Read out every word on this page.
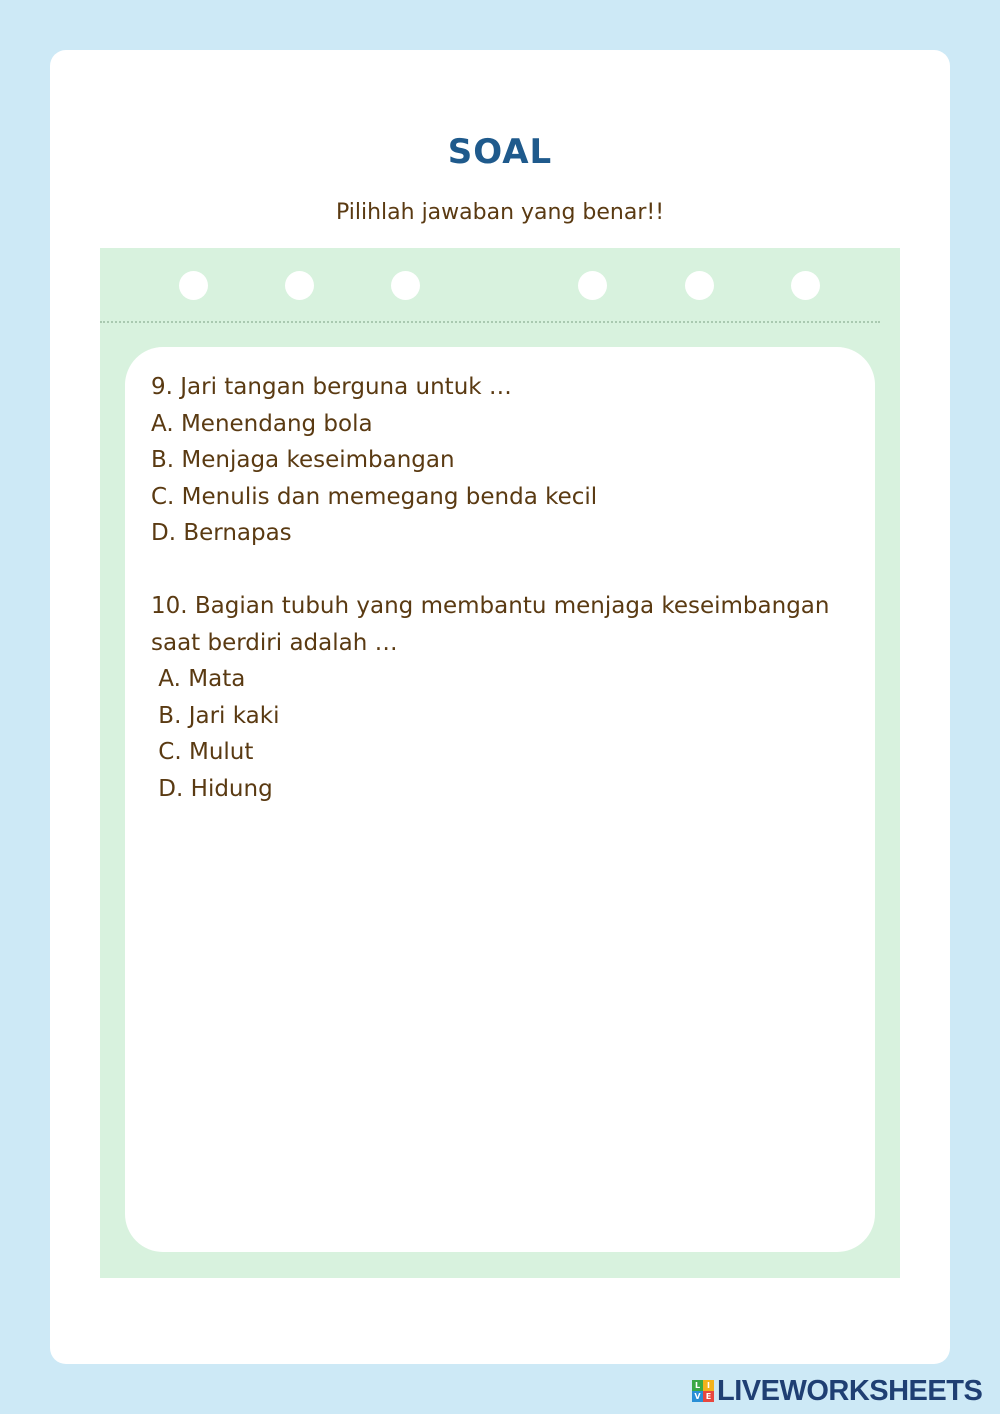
SOAL
Pilihlah jawaban yang benar!!
9. Jari tangan berguna untuk …
A. Menendang bola
B. Menjaga keseimbangan
C. Menulis dan memegang benda kecil
D. Bernapas
10. Bagian tubuh yang membantu menjaga keseimbangan saat berdiri adalah …
A. Mata
B. Jari kaki
C. Mulut
D. Hidung
L I
V E LIVEWORKSHEETS
